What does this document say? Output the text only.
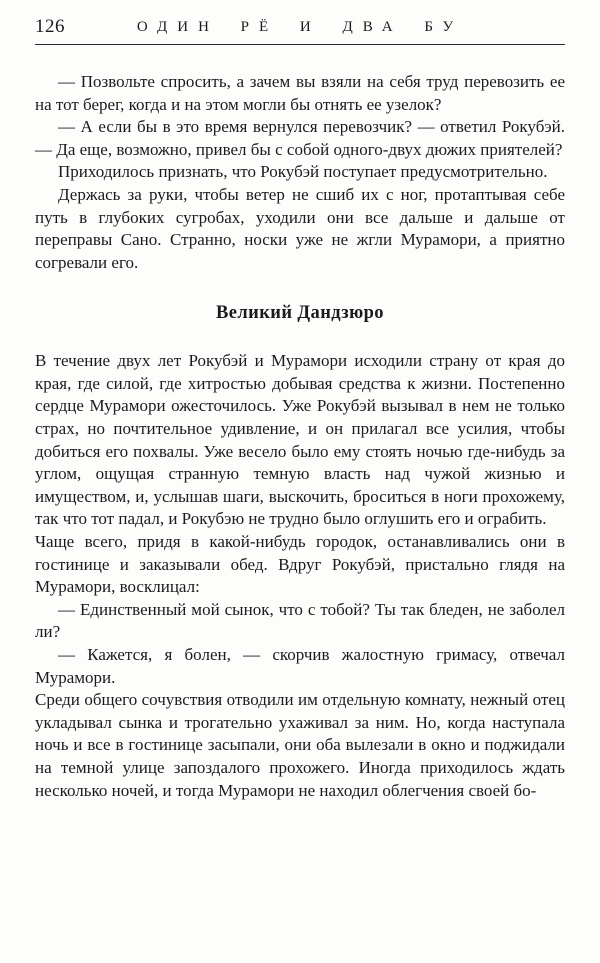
126	ОДИН РЁ И ДВА БУ

— Позвольте спросить, а зачем вы взяли на себя труд перевозить ее на тот берег, когда и на этом могли бы отнять ее узелок?

— А если бы в это время вернулся перевозчик? — ответил Рокубэй. — Да еще, возможно, привел бы с собой одного-двух дюжих приятелей?

Приходилось признать, что Рокубэй поступает предусмотрительно.

Держась за руки, чтобы ветер не сшиб их с ног, протаптывая себе путь в глубоких сугробах, уходили они все дальше и дальше от переправы Сано. Странно, носки уже не жгли Мурамори, а приятно согревали его.

Великий Дандзюро

В течение двух лет Рокубэй и Мурамори исходили страну от края до края, где силой, где хитростью добывая средства к жизни. Постепенно сердце Мурамори ожесточилось. Уже Рокубэй вызывал в нем не только страх, но почтительное удивление, и он прилагал все усилия, чтобы добиться его похвалы. Уже весело было ему стоять ночью где-нибудь за углом, ощущая странную темную власть над чужой жизнью и имуществом, и, услышав шаги, выскочить, броситься в ноги прохожему, так что тот падал, и Рокубэю не трудно было оглушить его и ограбить.

Чаще всего, придя в какой-нибудь городок, останавливались они в гостинице и заказывали обед. Вдруг Рокубэй, пристально глядя на Мурамори, восклицал:

— Единственный мой сынок, что с тобой? Ты так бледен, не заболел ли?

— Кажется, я болен, — скорчив жалостную гримасу, отвечал Мурамори.

Среди общего сочувствия отводили им отдельную комнату, нежный отец укладывал сынка и трогательно ухаживал за ним. Но, когда наступала ночь и все в гостинице засыпали, они оба вылезали в окно и поджидали на темной улице запоздалого прохожего. Иногда приходилось ждать несколько ночей, и тогда Мурамори не находил облегчения своей бо-
